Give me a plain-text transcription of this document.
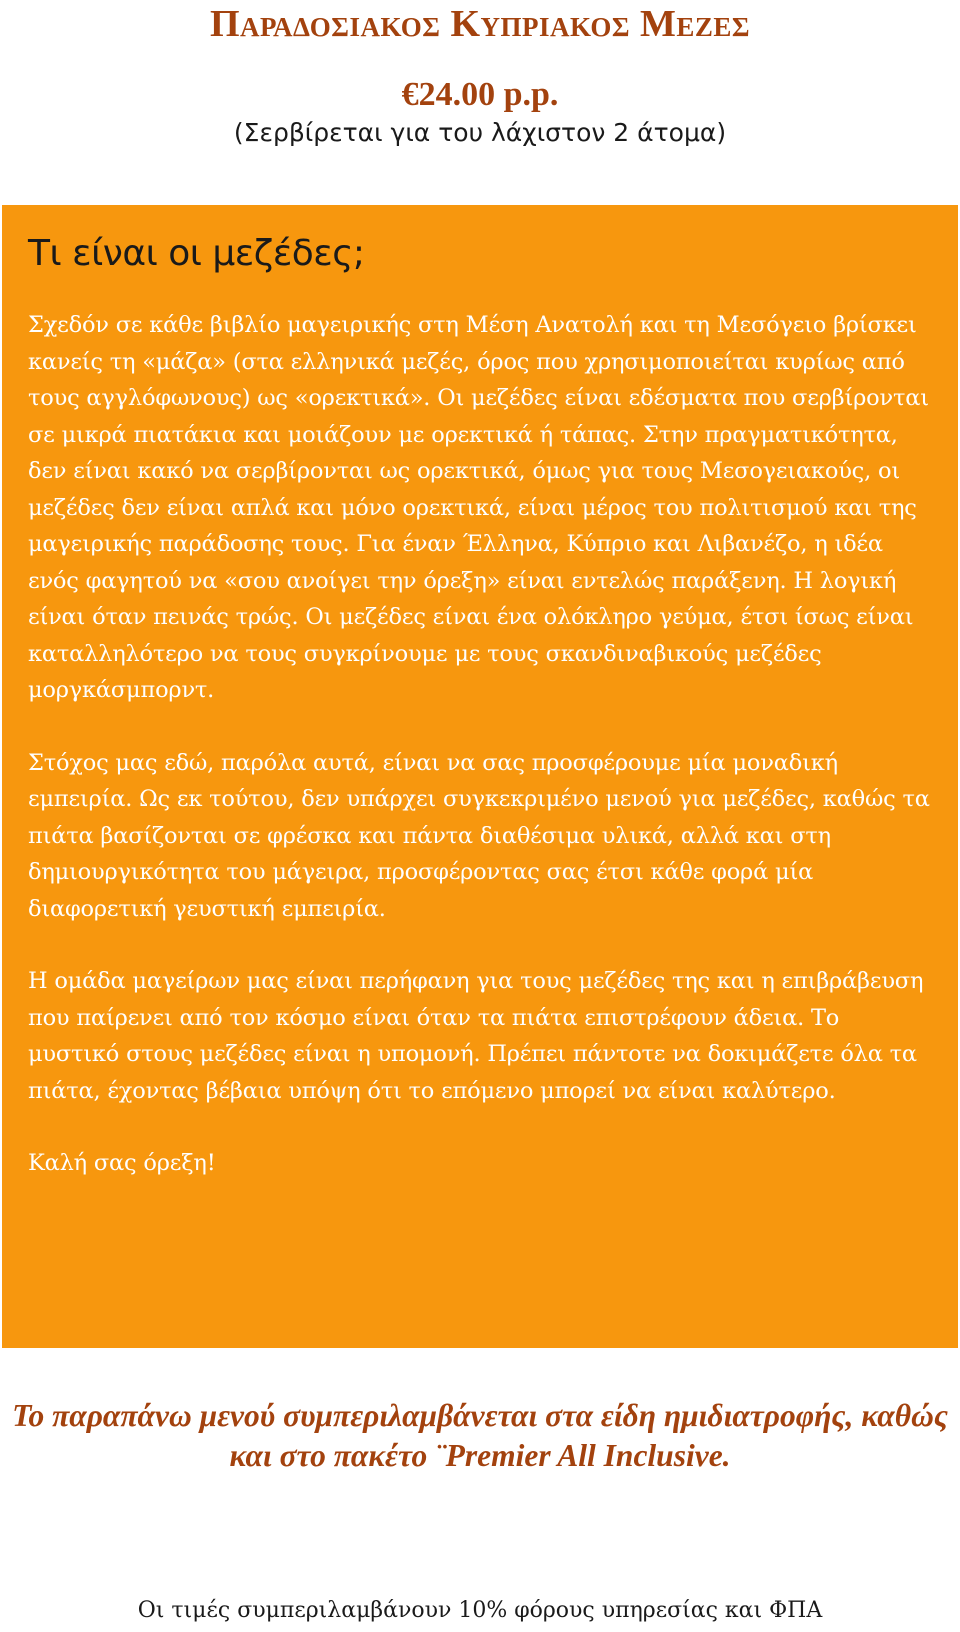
Παραδοσιακος Κυπριακος Μεζες
€24.00 p.p.
(Σερβίρεται για του λάχιστον 2 άτομα)
Τι είναι οι μεζέδες;

Σχεδόν σε κάθε βιβλίο μαγειρικής στη Μέση Ανατολή και τη Μεσόγειο βρίσκει κανείς τη «μάζα» (στα ελληνικά μεζές, όρος που χρησιμοποιείται κυρίως από τους αγγλόφωνους) ως «ορεκτικά». Οι μεζέδες είναι εδέσματα που σερβίρονται σε μικρά πιατάκια και μοιάζουν με ορεκτικά ή τάπας. Στην πραγματικότητα, δεν είναι κακό να σερβίρονται ως ορεκτικά, όμως για τους Μεσογειακούς, οι μεζέδες δεν είναι απλά και μόνο ορεκτικά, είναι μέρος του πολιτισμού και της μαγειρικής παράδοσης τους. Για έναν Έλληνα, Κύπριο και Λιβανέζο, η ιδέα ενός φαγητού να «σου ανοίγει την όρεξη» είναι εντελώς παράξενη. Η λογική είναι όταν πεινάς τρώς. Οι μεζέδες είναι ένα ολόκληρο γεύμα, έτσι ίσως είναι καταλληλότερο να τους συγκρίνουμε με τους σκανδιναβικούς μεζέδες μοργκάσμπορντ.

Στόχος μας εδώ, παρόλα αυτά, είναι να σας προσφέρουμε μία μοναδική εμπειρία. Ως εκ τούτου, δεν υπάρχει συγκεκριμένο μενού για μεζέδες, καθώς τα πιάτα βασίζονται σε φρέσκα και πάντα διαθέσιμα υλικά, αλλά και στη δημιουργικότητα του μάγειρα, προσφέροντας σας έτσι κάθε φορά μία διαφορετική γευστική εμπειρία.

Η ομάδα μαγείρων μας είναι περήφανη για τους μεζέδες της και η επιβράβευση που παίρενει από τον κόσμο είναι όταν τα πιάτα επιστρέφουν άδεια. Το μυστικό στους μεζέδες είναι η υπομονή. Πρέπει πάντοτε να δοκιμάζετε όλα τα πιάτα, έχοντας βέβαια υπόψη ότι το επόμενο μπορεί να είναι καλύτερο.

Καλή σας όρεξη!

Το παραπάνω μενού συμπεριλαμβάνεται στα είδη ημιδιατροφής, καθώς και στο πακέτο ¨Premier All Inclusive.
Οι τιμές συμπεριλαμβάνουν 10% φόρους υπηρεσίας και ΦΠΑ
